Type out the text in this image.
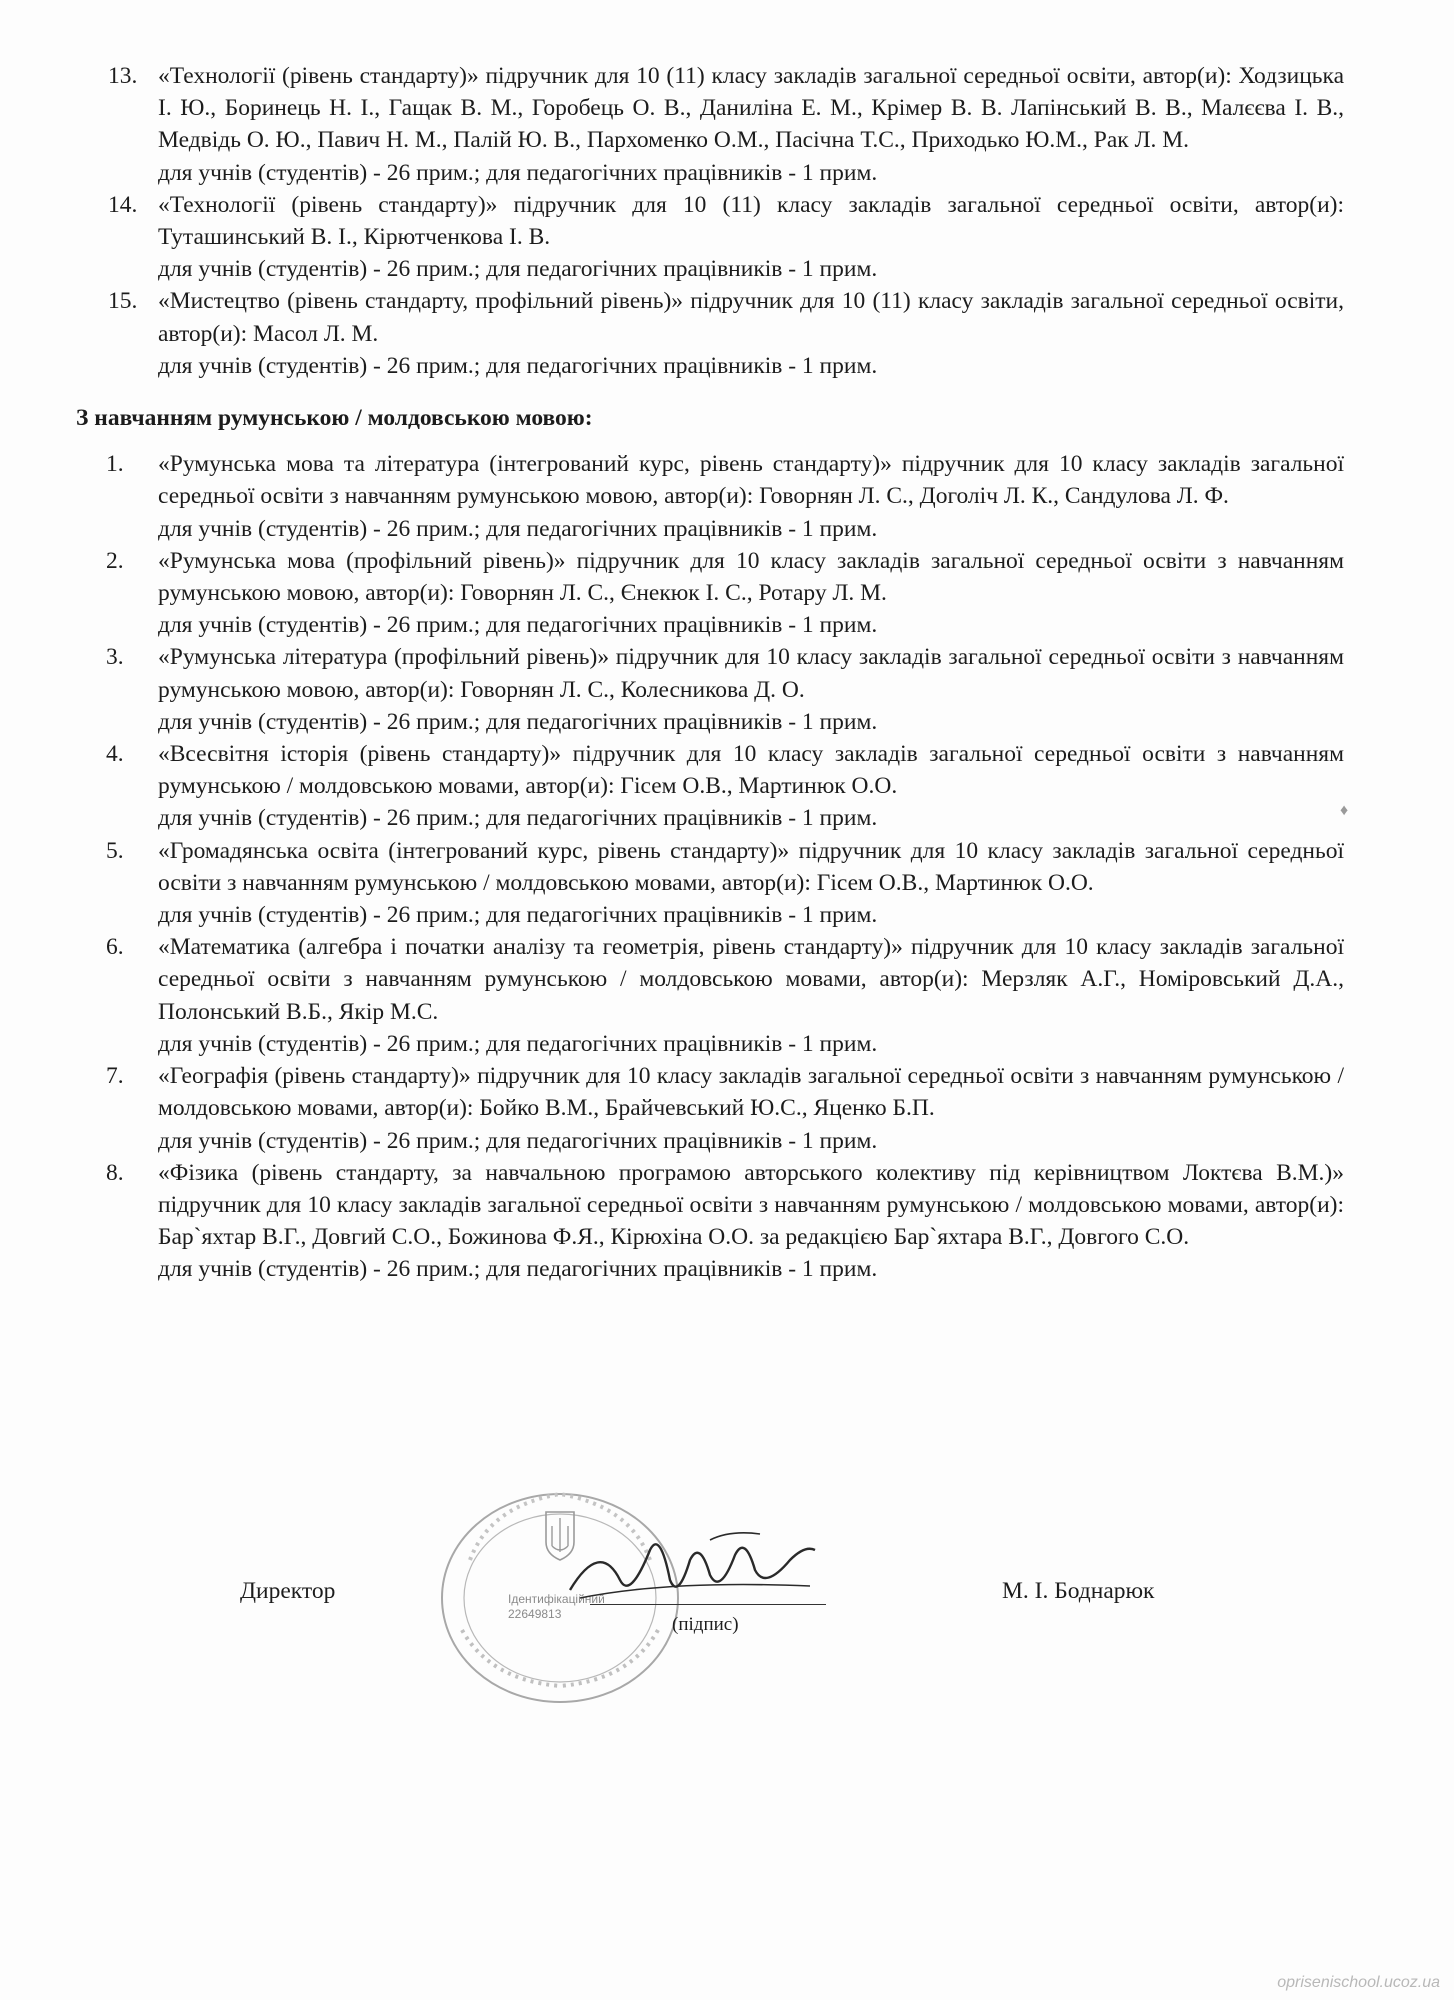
13. «Технології (рівень стандарту)» підручник для 10 (11) класу закладів загальної середньої освіти, автор(и): Ходзицька І. Ю., Боринець Н. І., Гащак В. М., Горобець О. В., Даниліна Е. М., Крімер В. В. Лапінський В. В., Малєєва І. В., Медвідь О. Ю., Павич Н. М., Палій Ю. В., Пархоменко О.М., Пасічна Т.С., Приходько Ю.М., Рак Л. М.
для учнів (студентів) - 26 прим.; для педагогічних працівників - 1 прим.
14. «Технології (рівень стандарту)» підручник для 10 (11) класу закладів загальної середньої освіти, автор(и): Туташинський В. І., Кірютченкова І. В.
для учнів (студентів) - 26 прим.; для педагогічних працівників - 1 прим.
15. «Мистецтво (рівень стандарту, профільний рівень)» підручник для 10 (11) класу закладів загальної середньої освіти, автор(и): Масол Л. М.
для учнів (студентів) - 26 прим.; для педагогічних працівників - 1 прим.
З навчанням румунською / молдовською мовою:
1. «Румунська мова та література (інтегрований курс, рівень стандарту)» підручник для 10 класу закладів загальної середньої освіти з навчанням румунською мовою, автор(и): Говорнян Л. С., Доголіч Л. К., Сандулова Л. Ф.
для учнів (студентів) - 26 прим.; для педагогічних працівників - 1 прим.
2. «Румунська мова (профільний рівень)» підручник для 10 класу закладів загальної середньої освіти з навчанням румунською мовою, автор(и): Говорнян Л. С., Єнекюк І. С., Ротару Л. М.
для учнів (студентів) - 26 прим.; для педагогічних працівників - 1 прим.
3. «Румунська література (профільний рівень)» підручник для 10 класу закладів загальної середньої освіти з навчанням румунською мовою, автор(и): Говорнян Л. С., Колесникова Д. О.
для учнів (студентів) - 26 прим.; для педагогічних працівників - 1 прим.
4. «Всесвітня історія (рівень стандарту)» підручник для 10 класу закладів загальної середньої освіти з навчанням румунською / молдовською мовами, автор(и): Гісем О.В., Мартинюк О.О.
для учнів (студентів) - 26 прим.; для педагогічних працівників - 1 прим.
5. «Громадянська освіта (інтегрований курс, рівень стандарту)» підручник для 10 класу закладів загальної середньої освіти з навчанням румунською / молдовською мовами, автор(и): Гісем О.В., Мартинюк О.О.
для учнів (студентів) - 26 прим.; для педагогічних працівників - 1 прим.
6. «Математика (алгебра і початки аналізу та геометрія, рівень стандарту)» підручник для 10 класу закладів загальної середньої освіти з навчанням румунською / молдовською мовами, автор(и): Мерзляк А.Г., Номіровський Д.А., Полонський В.Б., Якір М.С.
для учнів (студентів) - 26 прим.; для педагогічних працівників - 1 прим.
7. «Географія (рівень стандарту)» підручник для 10 класу закладів загальної середньої освіти з навчанням румунською / молдовською мовами, автор(и): Бойко В.М., Брайчевський Ю.С., Яценко Б.П.
для учнів (студентів) - 26 прим.; для педагогічних працівників - 1 прим.
8. «Фізика (рівень стандарту, за навчальною програмою авторського колективу під керівництвом Локтєва В.М.)» підручник для 10 класу закладів загальної середньої освіти з навчанням румунською / молдовською мовами, автор(и): Бар`яхтар В.Г., Довгий С.О., Божинова Ф.Я., Кірюхіна О.О. за редакцією Бар`яхтара В.Г., Довгого С.О.
для учнів (студентів) - 26 прим.; для педагогічних працівників - 1 прим.
Ідентифікаційний
22649813
Директор
(підпис)
М. І. Боднарюк
♦
oprisenischool.ucoz.ua
